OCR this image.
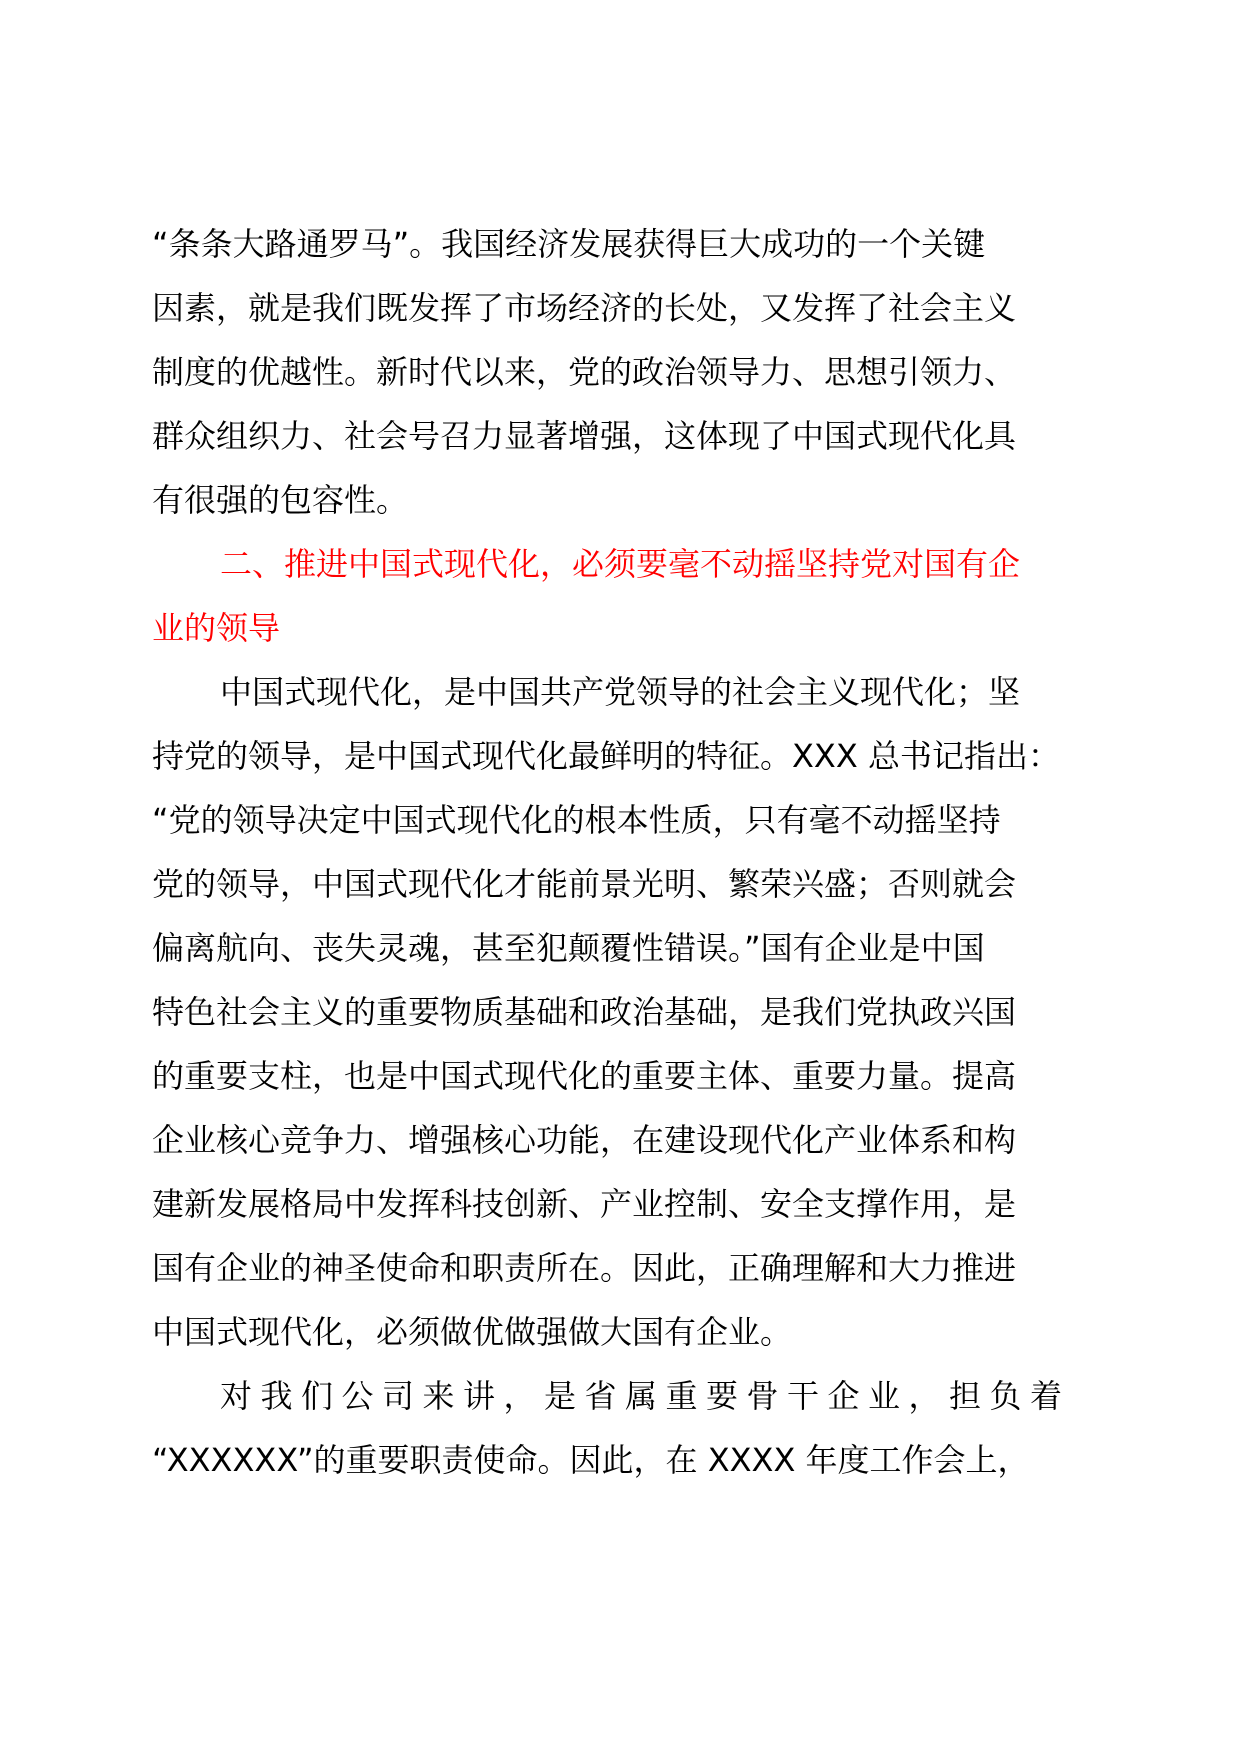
“条条大路通罗马”。我国经济发展获得巨大成功的一个关键
因素，就是我们既发挥了市场经济的长处，又发挥了社会主义
制度的优越性。新时代以来，党的政治领导力、思想引领力、
群众组织力、社会号召力显著增强，这体现了中国式现代化具
有很强的包容性。
二、推进中国式现代化，必须要毫不动摇坚持党对国有企
业的领导
中国式现代化，是中国共产党领导的社会主义现代化；坚
持党的领导，是中国式现代化最鲜明的特征。XXX 总书记指出：
“党的领导决定中国式现代化的根本性质，只有毫不动摇坚持
党的领导，中国式现代化才能前景光明、繁荣兴盛；否则就会
偏离航向、丧失灵魂，甚至犯颠覆性错误。”国有企业是中国
特色社会主义的重要物质基础和政治基础，是我们党执政兴国
的重要支柱，也是中国式现代化的重要主体、重要力量。提高
企业核心竞争力、增强核心功能，在建设现代化产业体系和构
建新发展格局中发挥科技创新、产业控制、安全支撑作用，是
国有企业的神圣使命和职责所在。因此，正确理解和大力推进
中国式现代化，必须做优做强做大国有企业。
对我们公司来讲，是省属重要骨干企业，担负着
“XXXXXX”的重要职责使命。因此，在 XXXX 年度工作会上，
